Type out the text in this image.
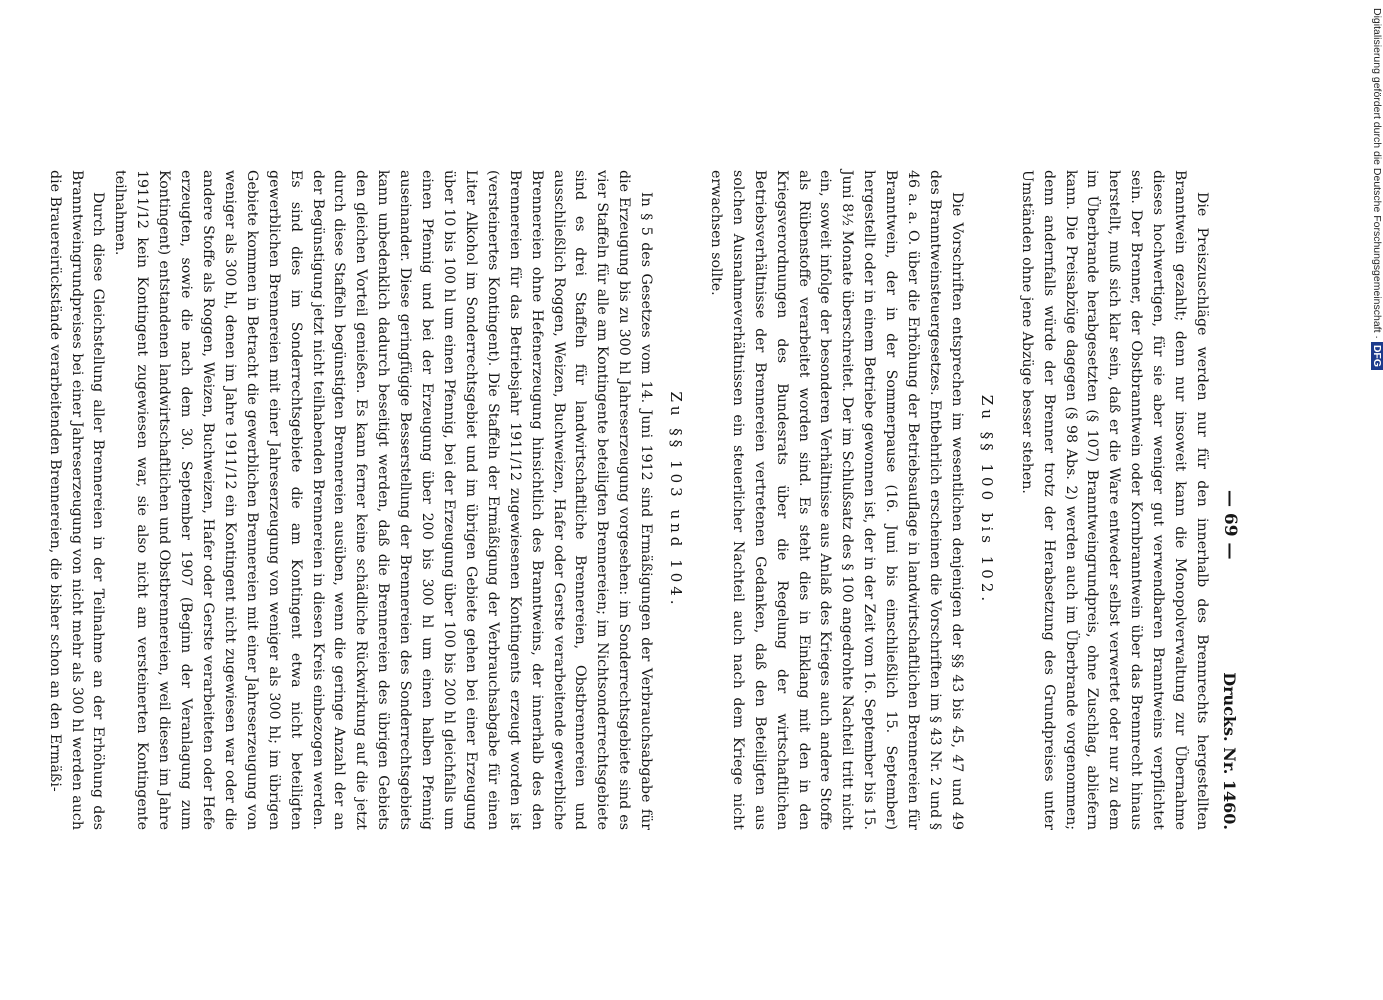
— 69 —
Drucks. Nr. 1460.

Die Preiszuschläge werden nur für den innerhalb des Brennrechts hergestellten Branntwein gezahlt; denn nur insoweit kann die Monopolverwaltung zur Übernahme dieses hochwertigen, für sie aber weniger gut verwendbaren Branntweins verpflichtet sein. Der Brenner, der Obstbranntwein oder Kornbranntwein über das Brennrecht hinaus herstellt, muß sich klar sein, daß er die Ware entweder selbst verwertet oder nur zu dem im Überbrande herabgesetzten (§ 107) Branntweingrundpreis, ohne Zuschlag, abliefern kann. Die Preisabzüge dagegen (§ 98 Abs. 2) werden auch im Überbrande vorgenommen; denn andernfalls würde der Brenner trotz der Herabsetzung des Grundpreises unter Umständen ohne jene Abzüge besser stehen.

Zu §§ 100 bis 102.

Die Vorschriften entsprechen im wesentlichen denjenigen der §§ 43 bis 45, 47 und 49 des Branntweinsteuergesetzes. Entbehrlich erscheinen die Vorschriften im § 43 Nr. 2 und § 46 a. a. O. über die Erhöhung der Betriebsauflage in landwirtschaftlichen Brennereien für Branntwein, der in der Sommerpause (16. Juni bis einschließlich 15. September) hergestellt oder in einem Betriebe gewonnen ist, der in der Zeit vom 16. September bis 15. Juni 8½ Monate überschreitet. Der im Schlußsatz des § 100 angedrohte Nachteil tritt nicht ein, soweit infolge der besonderen Verhältnisse aus Anlaß des Krieges auch andere Stoffe als Rübenstoffe verarbeitet worden sind. Es steht dies in Einklang mit den in den Kriegsverordnungen des Bundesrats über die Regelung der wirtschaftlichen Betriebsverhältnisse der Brennereien vertretenen Gedanken, daß den Beteiligten aus solchen Ausnahmeverhältnissen ein steuerlicher Nachteil auch nach dem Kriege nicht erwachsen sollte.

Zu §§ 103 und 104.

In § 5 des Gesetzes vom 14. Juni 1912 sind Ermäßigungen der Verbrauchsabgabe für die Erzeugung bis zu 300 hl Jahreserzeugung vorgesehen: im Sonderrechtsgebiete sind es vier Staffeln für alle am Kontingente beteiligten Brennereien; im Nichtsonderrechtsgebiete sind es drei Staffeln für landwirtschaftliche Brennereien, Obstbrennereien und ausschließlich Roggen, Weizen, Buchweizen, Hafer oder Gerste verarbeitende gewerbliche Brennereien ohne Hefenerzeugung hinsichtlich des Branntweins, der innerhalb des den Brennereien für das Betriebsjahr 1911/12 zugewiesenen Kontingents erzeugt worden ist (versteinertes Kontingent). Die Staffeln der Ermäßigung der Verbrauchsabgabe für einen Liter Alkohol im Sonderrechtsgebiet und im übrigen Gebiete gehen bei einer Erzeugung über 10 bis 100 hl um einen Pfennig, bei der Erzeugung über 100 bis 200 hl gleichfalls um einen Pfennig und bei der Erzeugung über 200 bis 300 hl um einen halben Pfennig auseinander. Diese geringfügige Besserstellung der Brennereien des Sonderrechtsgebiets kann unbedenklich dadurch beseitigt werden, daß die Brennereien des übrigen Gebiets den gleichen Vorteil genießen. Es kann ferner keine schädliche Rückwirkung auf die jetzt durch diese Staffeln begünstigten Brennereien ausüben, wenn die geringe Anzahl der an der Begünstigung jetzt nicht teilhabenden Brennereien in diesen Kreis einbezogen werden. Es sind dies im Sonderrechtsgebiete die am Kontingent etwa nicht beteiligten gewerblichen Brennereien mit einer Jahreserzeugung von weniger als 300 hl; im übrigen Gebiete kommen in Betracht die gewerblichen Brennereien mit einer Jahreserzeugung von weniger als 300 hl, denen im Jahre 1911/12 ein Kontingent nicht zugewiesen war oder die andere Stoffe als Roggen, Weizen, Buchweizen, Hafer oder Gerste verarbeiteten oder Hefe erzeugten, sowie die nach dem 30. September 1907 (Beginn der Veranlagung zum Kontingent) entstandenen landwirtschaftlichen und Obstbrennereien, weil diesen im Jahre 1911/12 kein Kontingent zugewiesen war, sie also nicht am versteinerten Kontingente teilnahmen.

Durch diese Gleichstellung aller Brennereien in der Teilnahme an der Erhöhung des Branntweingrundpreises bei einer Jahreserzeugung von nicht mehr als 300 hl werden auch die Brauereirückstände verarbeitenden Brennereien, die bisher schon an den Ermäßi-	Digitalisierung gefördert durch die Deutsche Forschungsgemeinschaft · DFG
